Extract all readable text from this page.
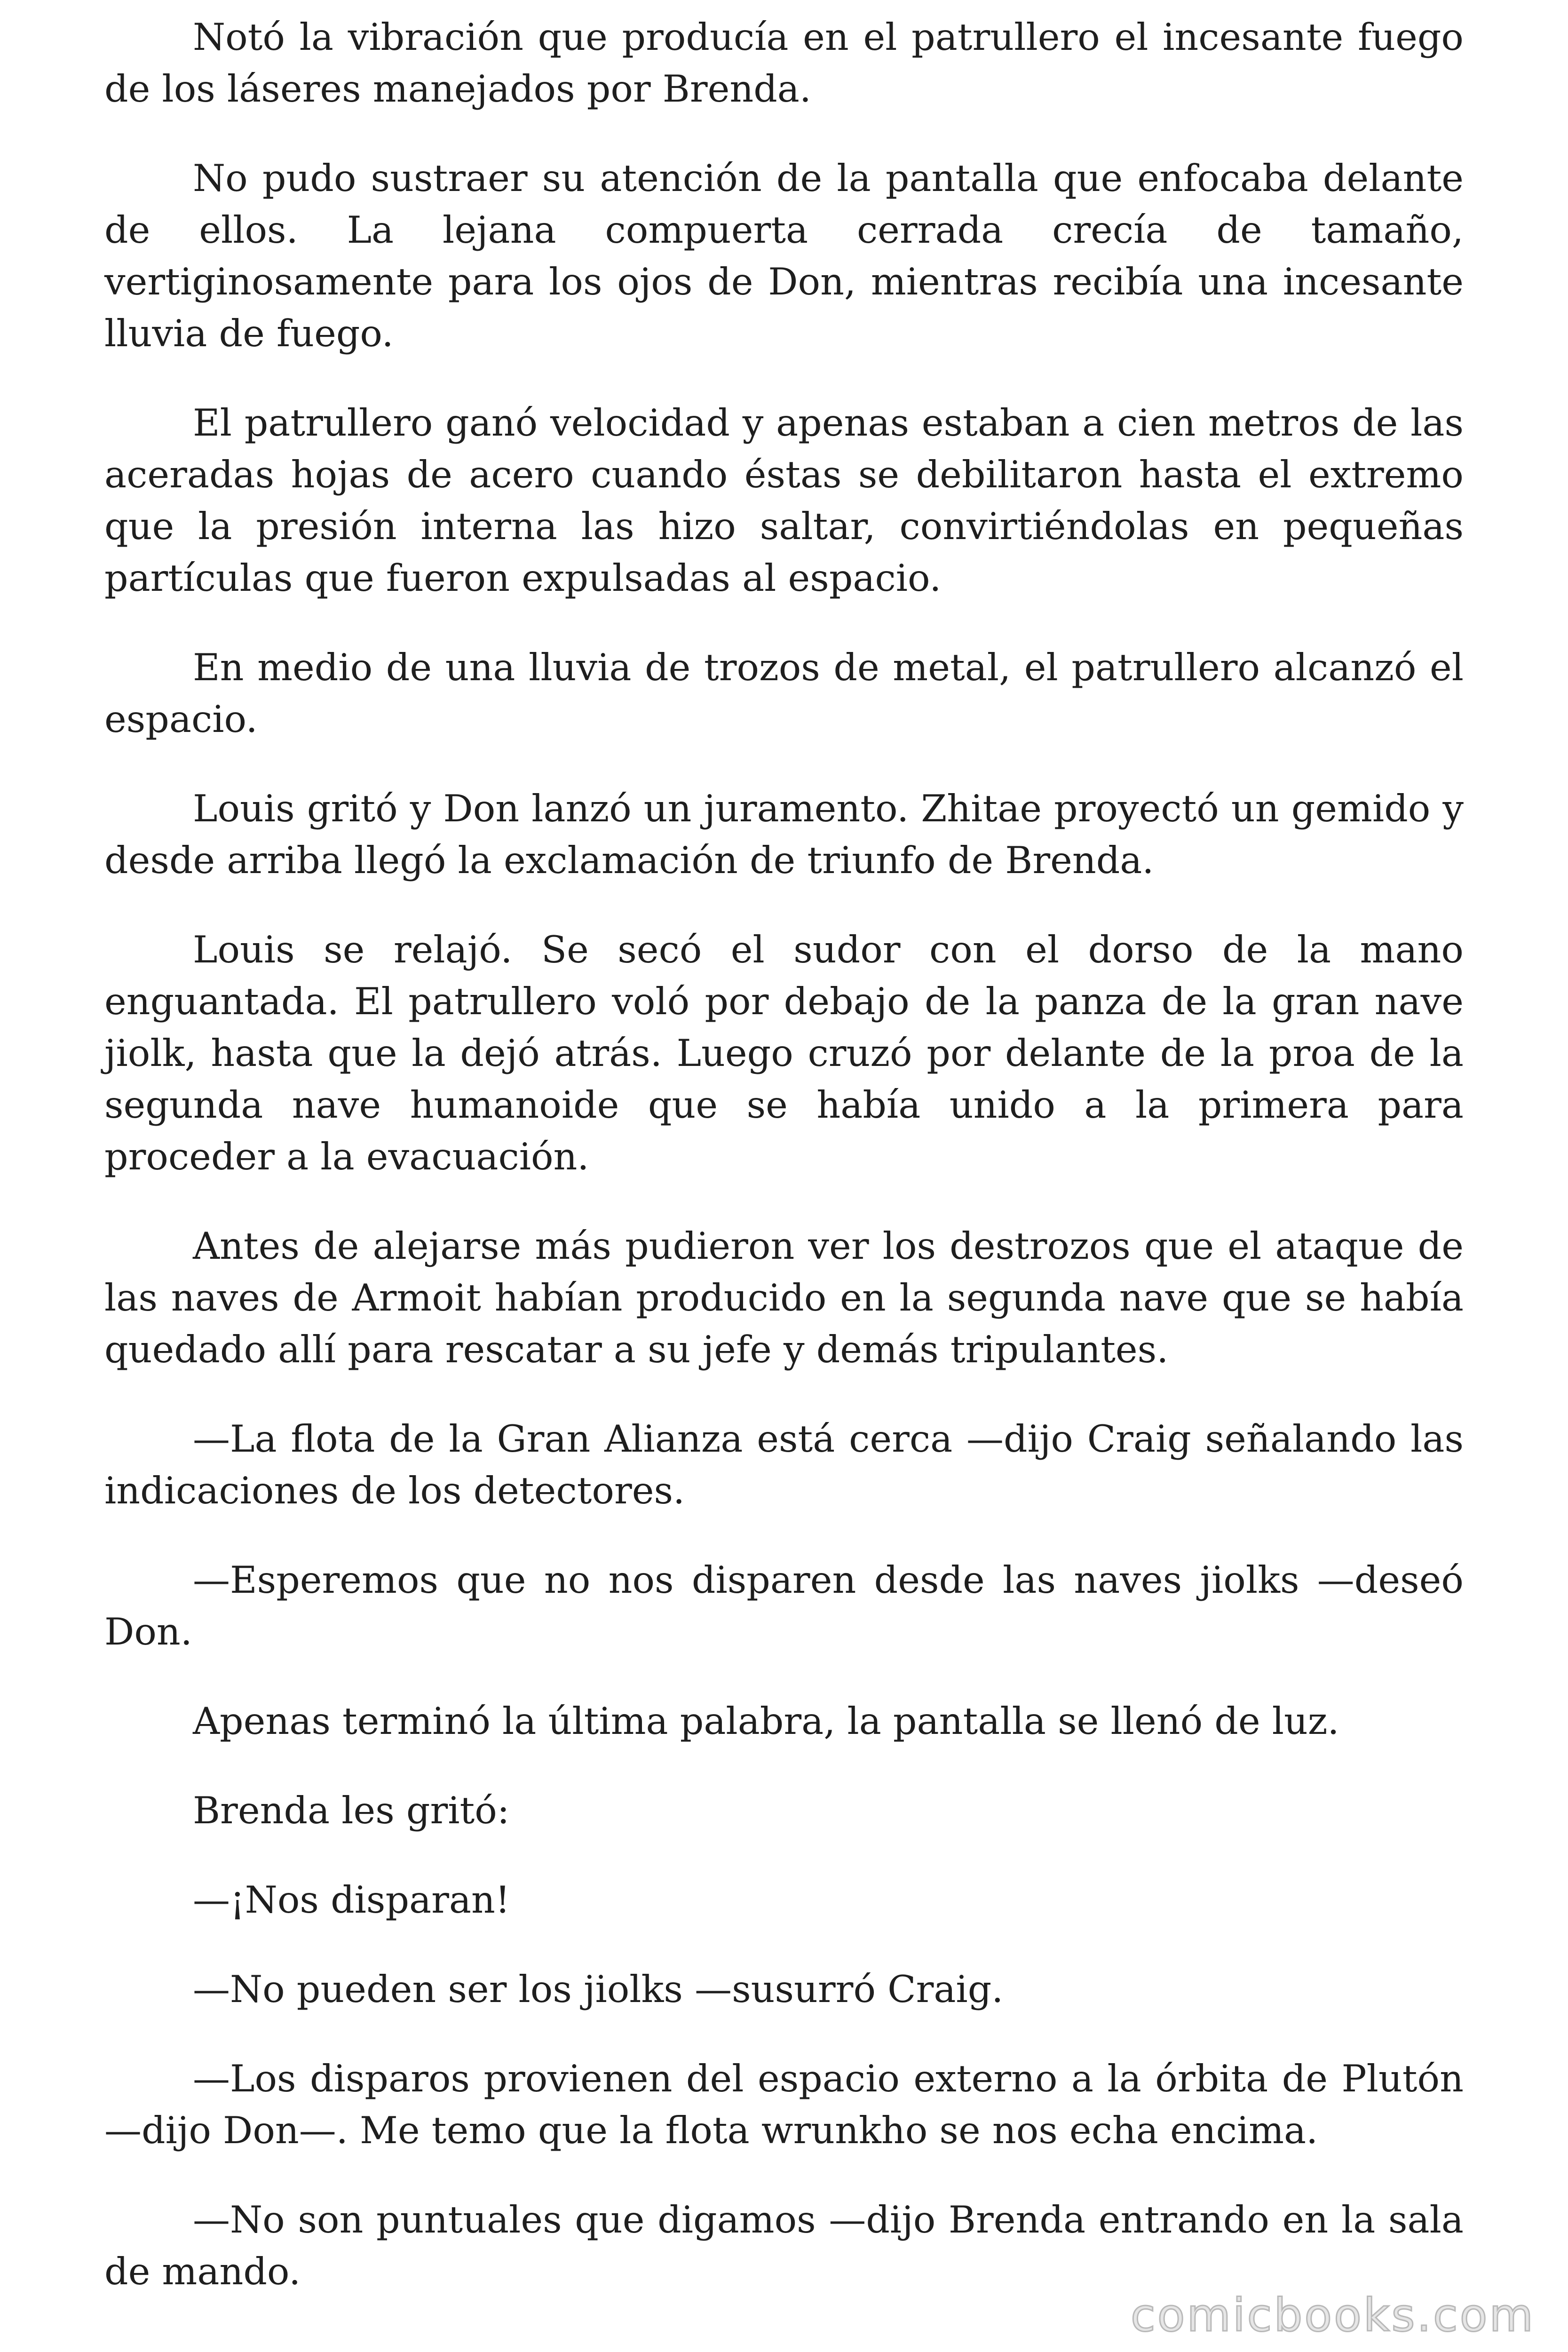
Notó la vibración que producía en el patrullero el incesante fuego de los láseres manejados por Brenda.

No pudo sustraer su atención de la pantalla que enfocaba delante de ellos. La lejana compuerta cerrada crecía de tamaño, vertiginosamente para los ojos de Don, mientras recibía una incesante lluvia de fuego.

El patrullero ganó velocidad y apenas estaban a cien metros de las aceradas hojas de acero cuando éstas se debilitaron hasta el extremo que la presión interna las hizo saltar, convirtiéndolas en pequeñas partículas que fueron expulsadas al espacio.

En medio de una lluvia de trozos de metal, el patrullero alcanzó el espacio.

Louis gritó y Don lanzó un juramento. Zhitae proyectó un gemido y desde arriba llegó la exclamación de triunfo de Brenda.

Louis se relajó. Se secó el sudor con el dorso de la mano enguantada. El patrullero voló por debajo de la panza de la gran nave jiolk, hasta que la dejó atrás. Luego cruzó por delante de la proa de la segunda nave humanoide que se había unido a la primera para proceder a la evacuación.

Antes de alejarse más pudieron ver los destrozos que el ataque de las naves de Armoit habían producido en la segunda nave que se había quedado allí para rescatar a su jefe y demás tripulantes.

—La flota de la Gran Alianza está cerca —dijo Craig señalando las indicaciones de los detectores.

—Esperemos que no nos disparen desde las naves jiolks —deseó Don.

Apenas terminó la última palabra, la pantalla se llenó de luz.

Brenda les gritó:

—¡Nos disparan!

—No pueden ser los jiolks —susurró Craig.

—Los disparos provienen del espacio externo a la órbita de Plutón —dijo Don—. Me temo que la flota wrunkho se nos echa encima.

—No son puntuales que digamos —dijo Brenda entrando en la sala de mando.

comicbooks.com
